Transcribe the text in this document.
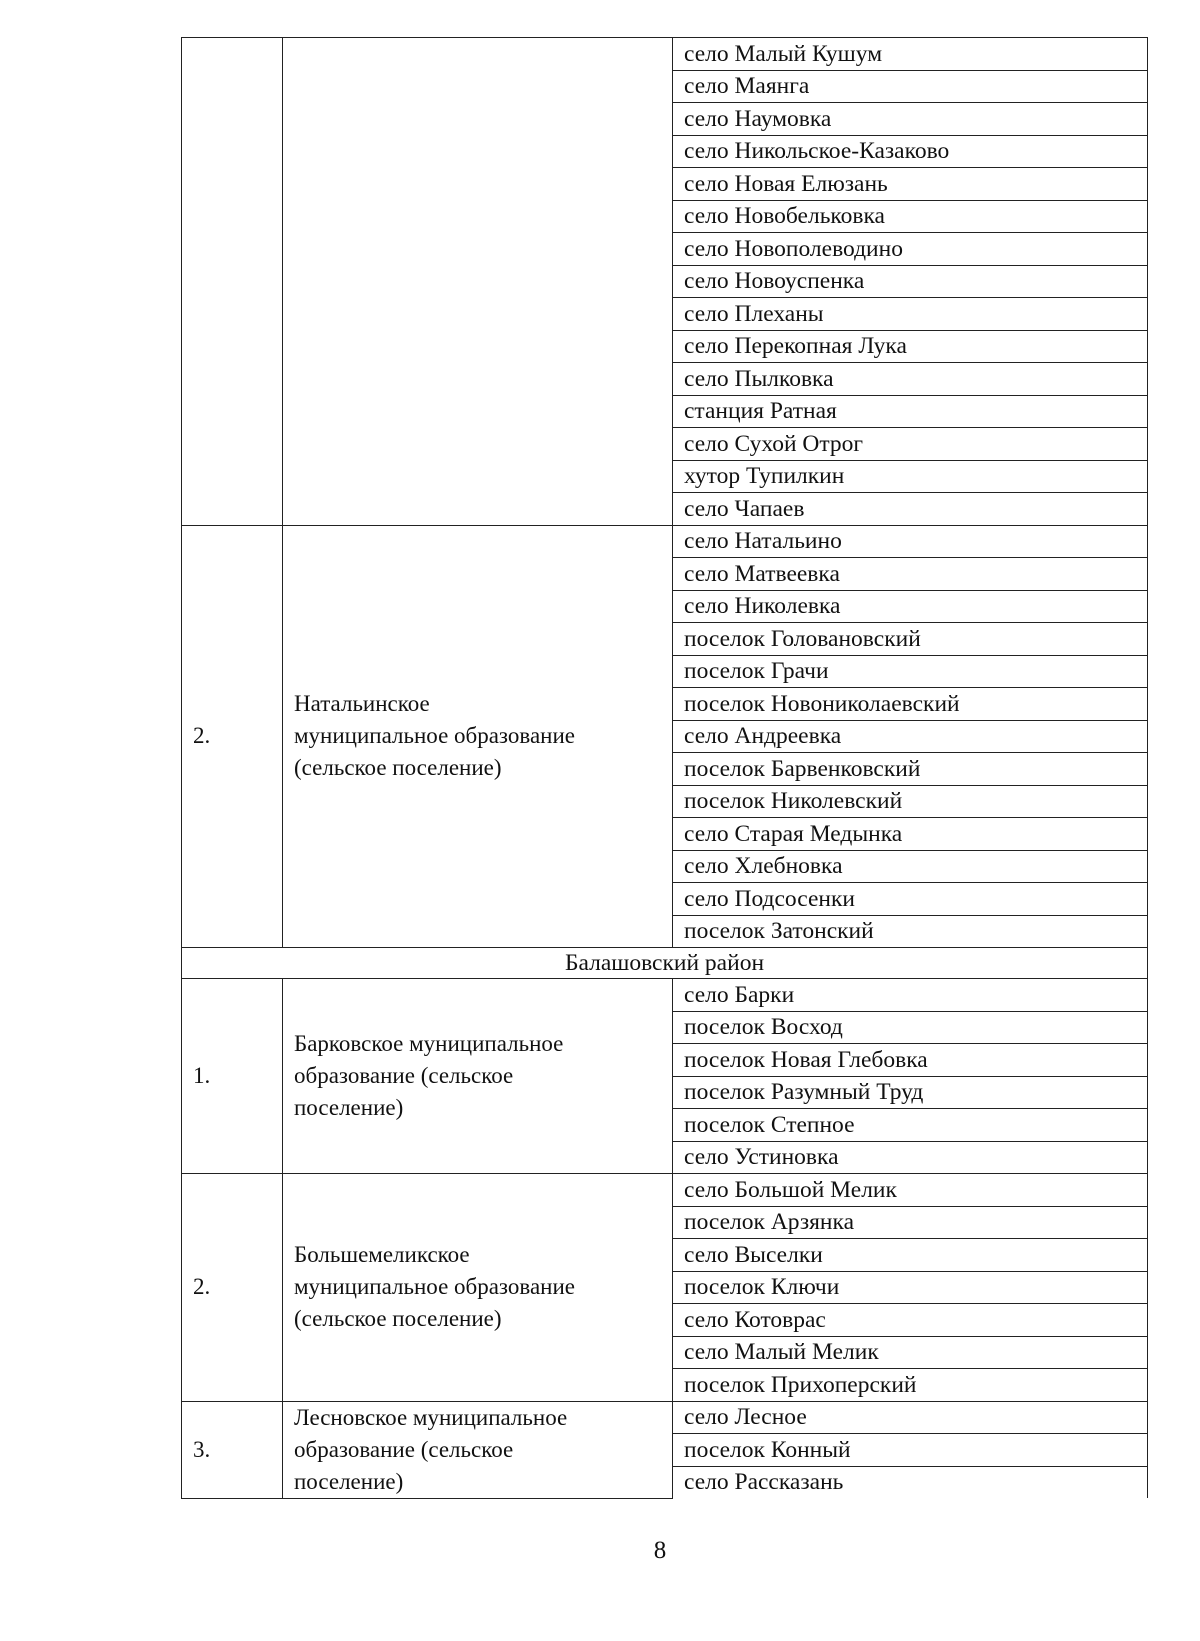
		село Малый Кушум
		село Маянга
		село Наумовка
		село Никольское-Казаково
		село Новая Елюзань
		село Новобельковка
		село Новополеводино
		село Новоуспенка
		село Плеханы
		село Перекопная Лука
		село Пылковка
		станция Ратная
		село Сухой Отрог
		хутор Тупилкин
		село Чапаев
2.	Натальинское
муниципальное образование
(сельское поселение)	село Натальино
		село Матвеевка
		село Николевка
		поселок Головановский
		поселок Грачи
		поселок Новониколаевский
		село Андреевка
		поселок Барвенковский
		поселок Николевский
		село Старая Медынка
		село Хлебновка
		село Подсосенки
		поселок Затонский
Балашовский район		
1.	Барковское муниципальное
образование (сельское
поселение)	село Барки
		поселок Восход
		поселок Новая Глебовка
		поселок Разумный Труд
		поселок Степное
		село Устиновка
2.	Большемеликское
муниципальное образование
(сельское поселение)	село Большой Мелик
		поселок Арзянка
		село Выселки
		поселок Ключи
		село Котоврас
		село Малый Мелик
		поселок Прихоперский
3.	Лесновское муниципальное
образование (сельское
поселение)	село Лесное
		поселок Конный
		село Рассказань
8
